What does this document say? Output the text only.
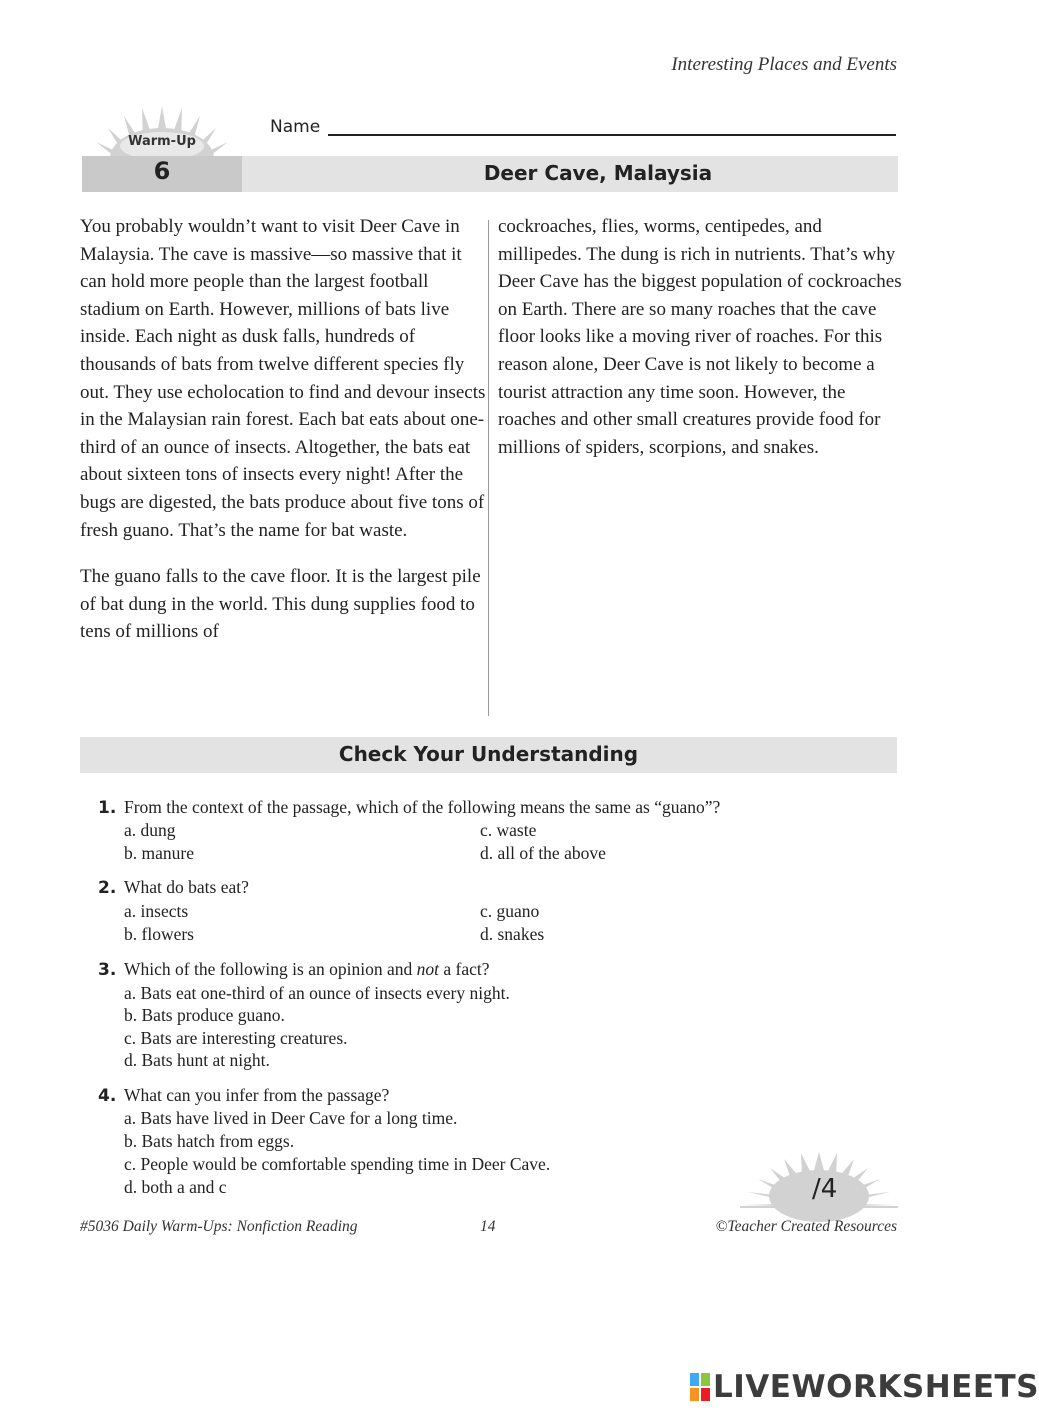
Interesting Places and Events
Warm-Up
6
Name
Deer Cave, Malaysia

You probably wouldn’t want to visit Deer Cave in Malaysia. The cave is massive—so massive that it can hold more people than the largest football stadium on Earth. However, millions of bats live inside. Each night as dusk falls, hundreds of thousands of bats from twelve different species fly out. They use echolocation to find and devour insects in the Malaysian rain forest. Each bat eats about one-third of an ounce of insects. Altogether, the bats eat about sixteen tons of insects every night! After the bugs are digested, the bats produce about five tons of fresh guano. That’s the name for bat waste.

The guano falls to the cave floor. It is the largest pile of bat dung in the world. This dung supplies food to tens of millions of

cockroaches, flies, worms, centipedes, and millipedes. The dung is rich in nutrients. That’s why Deer Cave has the biggest population of cockroaches on Earth. There are so many roaches that the cave floor looks like a moving river of roaches. For this reason alone, Deer Cave is not likely to become a tourist attraction any time soon. However, the roaches and other small creatures provide food for millions of spiders, scorpions, and snakes.

Check Your Understanding
1. From the context of the passage, which of the following means the same as “guano”?
a. dung
b. manure
c. waste
d. all of the above
2. What do bats eat?
a. insects
b. flowers
c. guano
d. snakes
3. Which of the following is an opinion and not a fact?
a. Bats eat one-third of an ounce of insects every night.
b. Bats produce guano.
c. Bats are interesting creatures.
d. Bats hunt at night.
4. What can you infer from the passage?
a. Bats have lived in Deer Cave for a long time.
b. Bats hatch from eggs.
c. People would be comfortable spending time in Deer Cave.
d. both a and c	/4
#5036 Daily Warm-Ups: Nonfiction Reading	14	©Teacher Created Resources
LIVEWORKSHEETS
